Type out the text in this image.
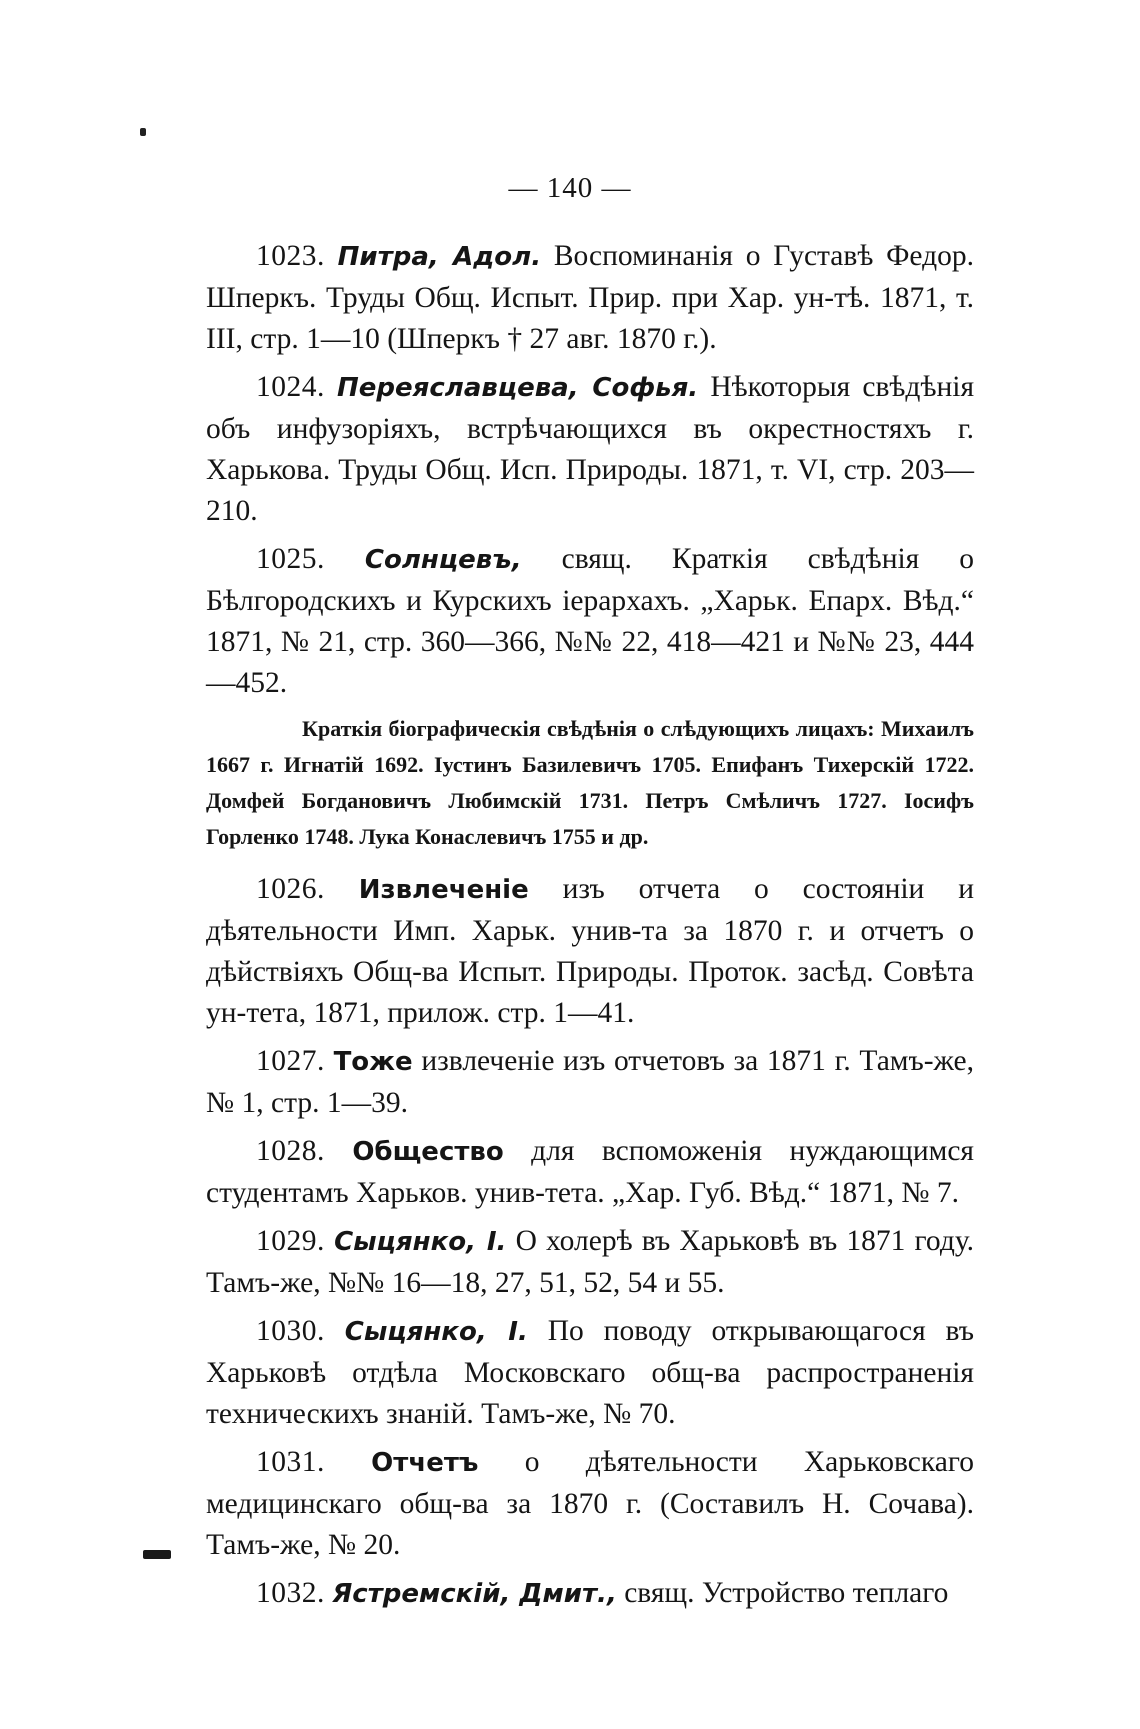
— 140 —

1023. Питра, Адол. Воспоминанія о Густавѣ Федор. Шперкъ. Труды Общ. Испыт. Прир. при Хар. ун-тѣ. 1871, т. III, стр. 1—10 (Шперкъ † 27 авг. 1870 г.).

1024. Переяславцева, Софья. Нѣкоторыя свѣдѣнія объ инфузоріяхъ, встрѣчающихся въ окрестностяхъ г. Харькова. Труды Общ. Исп. Природы. 1871, т. VI, стр. 203—210.

1025. Солнцевъ, свящ. Краткія свѣдѣнія о Бѣлгородскихъ и Курскихъ іерархахъ. „Харьк. Епарх. Вѣд.“ 1871, № 21, стр. 360—366, №№ 22, 418—421 и №№ 23, 444 —452.

Краткія біографическія свѣдѣнія о слѣдующихъ лицахъ: Михаилъ 1667 г. Игнатій 1692. Іустинъ Базилевичъ 1705. Епифанъ Тихерскій 1722. Домфей Богдановичъ Любимскій 1731. Петръ Смѣличъ 1727. Іосифъ Горленко 1748. Лука Конаслевичъ 1755 и др.

1026. Извлеченіе изъ отчета о состояніи и дѣятельности Имп. Харьк. унив-та за 1870 г. и отчетъ о дѣйствіяхъ Общ-ва Испыт. Природы. Проток. засѣд. Совѣта ун-тета, 1871, прилож. стр. 1—41.

1027. Тоже извлеченіе изъ отчетовъ за 1871 г. Тамъ-же, № 1, стр. 1—39.

1028. Общество для вспоможенія нуждающимся студентамъ Харьков. унив-тета. „Хар. Губ. Вѣд.“ 1871, № 7.

1029. Сыцянко, І. О холерѣ въ Харьковѣ въ 1871 году. Тамъ-же, №№ 16—18, 27, 51, 52, 54 и 55.

1030. Сыцянко, І. По поводу открывающагося въ Харьковѣ отдѣла Московскаго общ-ва распространенія техническихъ знаній. Тамъ-же, № 70.

1031. Отчетъ о дѣятельности Харьковскаго медицинскаго общ-ва за 1870 г. (Составилъ Н. Сочава). Тамъ-же, № 20.

1032. Ястремскій, Дмит., свящ. Устройство теплаго
